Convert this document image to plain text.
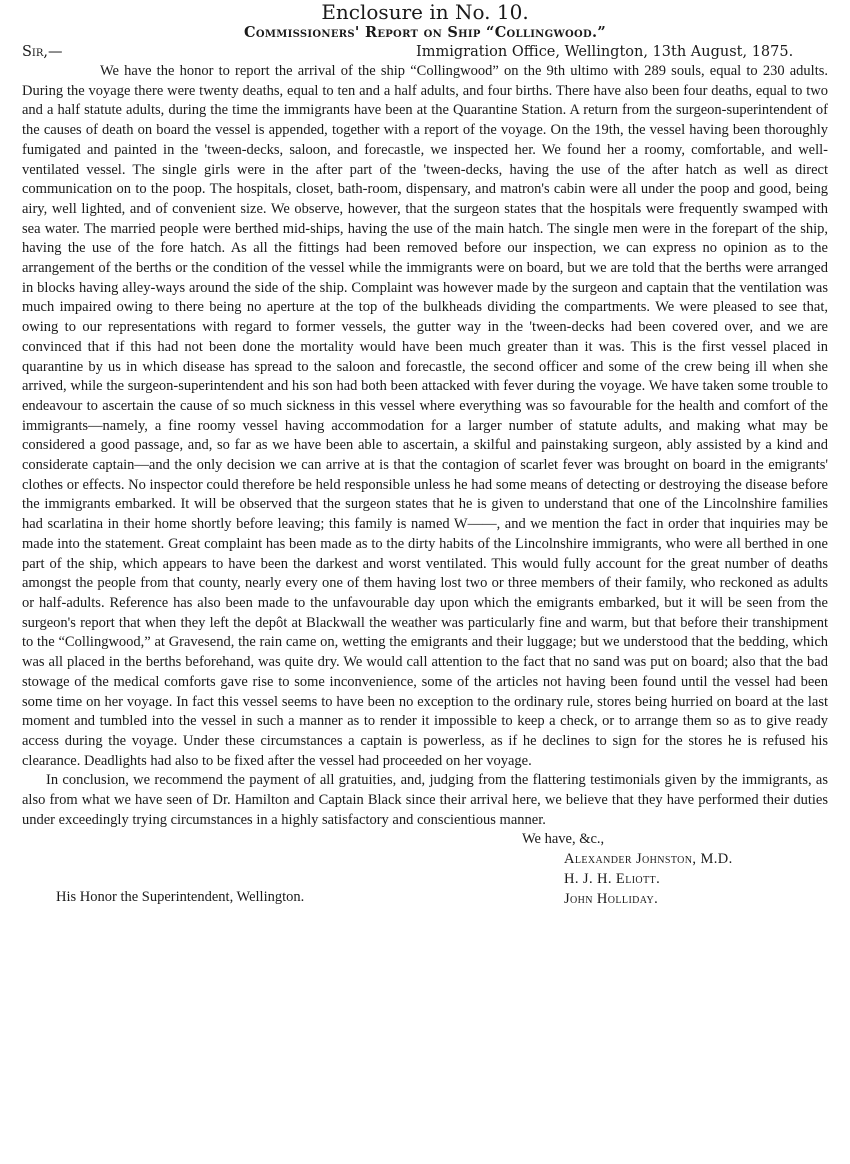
Enclosure in No. 10.
Commissioners' Report on Ship “Collingwood.”
Sir,—	Immigration Office, Wellington, 13th August, 1875.

We have the honor to report the arrival of the ship “Collingwood” on the 9th ultimo with 289 souls, equal to 230 adults. During the voyage there were twenty deaths, equal to ten and a half adults, and four births. There have also been four deaths, equal to two and a half statute adults, during the time the immigrants have been at the Quarantine Station. A return from the surgeon-superintendent of the causes of death on board the vessel is appended, together with a report of the voyage. On the 19th, the vessel having been thoroughly fumigated and painted in the 'tween-decks, saloon, and forecastle, we inspected her. We found her a roomy, comfortable, and well-ventilated vessel. The single girls were in the after part of the 'tween-decks, having the use of the after hatch as well as direct communication on to the poop. The hospitals, closet, bath-room, dispensary, and matron's cabin were all under the poop and good, being airy, well lighted, and of convenient size. We observe, however, that the surgeon states that the hospitals were frequently swamped with sea water. The married people were berthed mid-ships, having the use of the main hatch. The single men were in the forepart of the ship, having the use of the fore hatch. As all the fittings had been removed before our inspection, we can express no opinion as to the arrangement of the berths or the condition of the vessel while the immigrants were on board, but we are told that the berths were arranged in blocks having alley-ways around the side of the ship. Complaint was however made by the surgeon and captain that the ventilation was much impaired owing to there being no aperture at the top of the bulkheads dividing the compartments. We were pleased to see that, owing to our representations with regard to former vessels, the gutter way in the 'tween-decks had been covered over, and we are convinced that if this had not been done the mortality would have been much greater than it was. This is the first vessel placed in quarantine by us in which disease has spread to the saloon and forecastle, the second officer and some of the crew being ill when she arrived, while the surgeon-superintendent and his son had both been attacked with fever during the voyage. We have taken some trouble to endeavour to ascertain the cause of so much sickness in this vessel where everything was so favourable for the health and comfort of the immigrants—namely, a fine roomy vessel having accommodation for a larger number of statute adults, and making what may be considered a good passage, and, so far as we have been able to ascertain, a skilful and painstaking surgeon, ably assisted by a kind and considerate captain—and the only decision we can arrive at is that the contagion of scarlet fever was brought on board in the emigrants' clothes or effects. No inspector could therefore be held responsible unless he had some means of detecting or destroying the disease before the immigrants embarked. It will be observed that the surgeon states that he is given to understand that one of the Lincolnshire families had scarlatina in their home shortly before leaving; this family is named W——, and we mention the fact in order that inquiries may be made into the statement. Great complaint has been made as to the dirty habits of the Lincolnshire immigrants, who were all berthed in one part of the ship, which appears to have been the darkest and worst ventilated. This would fully account for the great number of deaths amongst the people from that county, nearly every one of them having lost two or three members of their family, who reckoned as adults or half-adults. Reference has also been made to the unfavourable day upon which the emigrants embarked, but it will be seen from the surgeon's report that when they left the depôt at Blackwall the weather was particularly fine and warm, but that before their transhipment to the “Collingwood,” at Gravesend, the rain came on, wetting the emigrants and their luggage; but we understood that the bedding, which was all placed in the berths beforehand, was quite dry. We would call attention to the fact that no sand was put on board; also that the bad stowage of the medical comforts gave rise to some inconvenience, some of the articles not having been found until the vessel had been some time on her voyage. In fact this vessel seems to have been no exception to the ordinary rule, stores being hurried on board at the last moment and tumbled into the vessel in such a manner as to render it impossible to keep a check, or to arrange them so as to give ready access during the voyage. Under these circumstances a captain is powerless, as if he declines to sign for the stores he is refused his clearance. Deadlights had also to be fixed after the vessel had proceeded on her voyage.

In conclusion, we recommend the payment of all gratuities, and, judging from the flattering testimonials given by the immigrants, as also from what we have seen of Dr. Hamilton and Captain Black since their arrival here, we believe that they have performed their duties under exceedingly trying circumstances in a highly satisfactory and conscientious manner.

We have, &c.,
Alexander Johnston, M.D.
H. J. H. Eliott.
John Holliday.
His Honor the Superintendent, Wellington.
